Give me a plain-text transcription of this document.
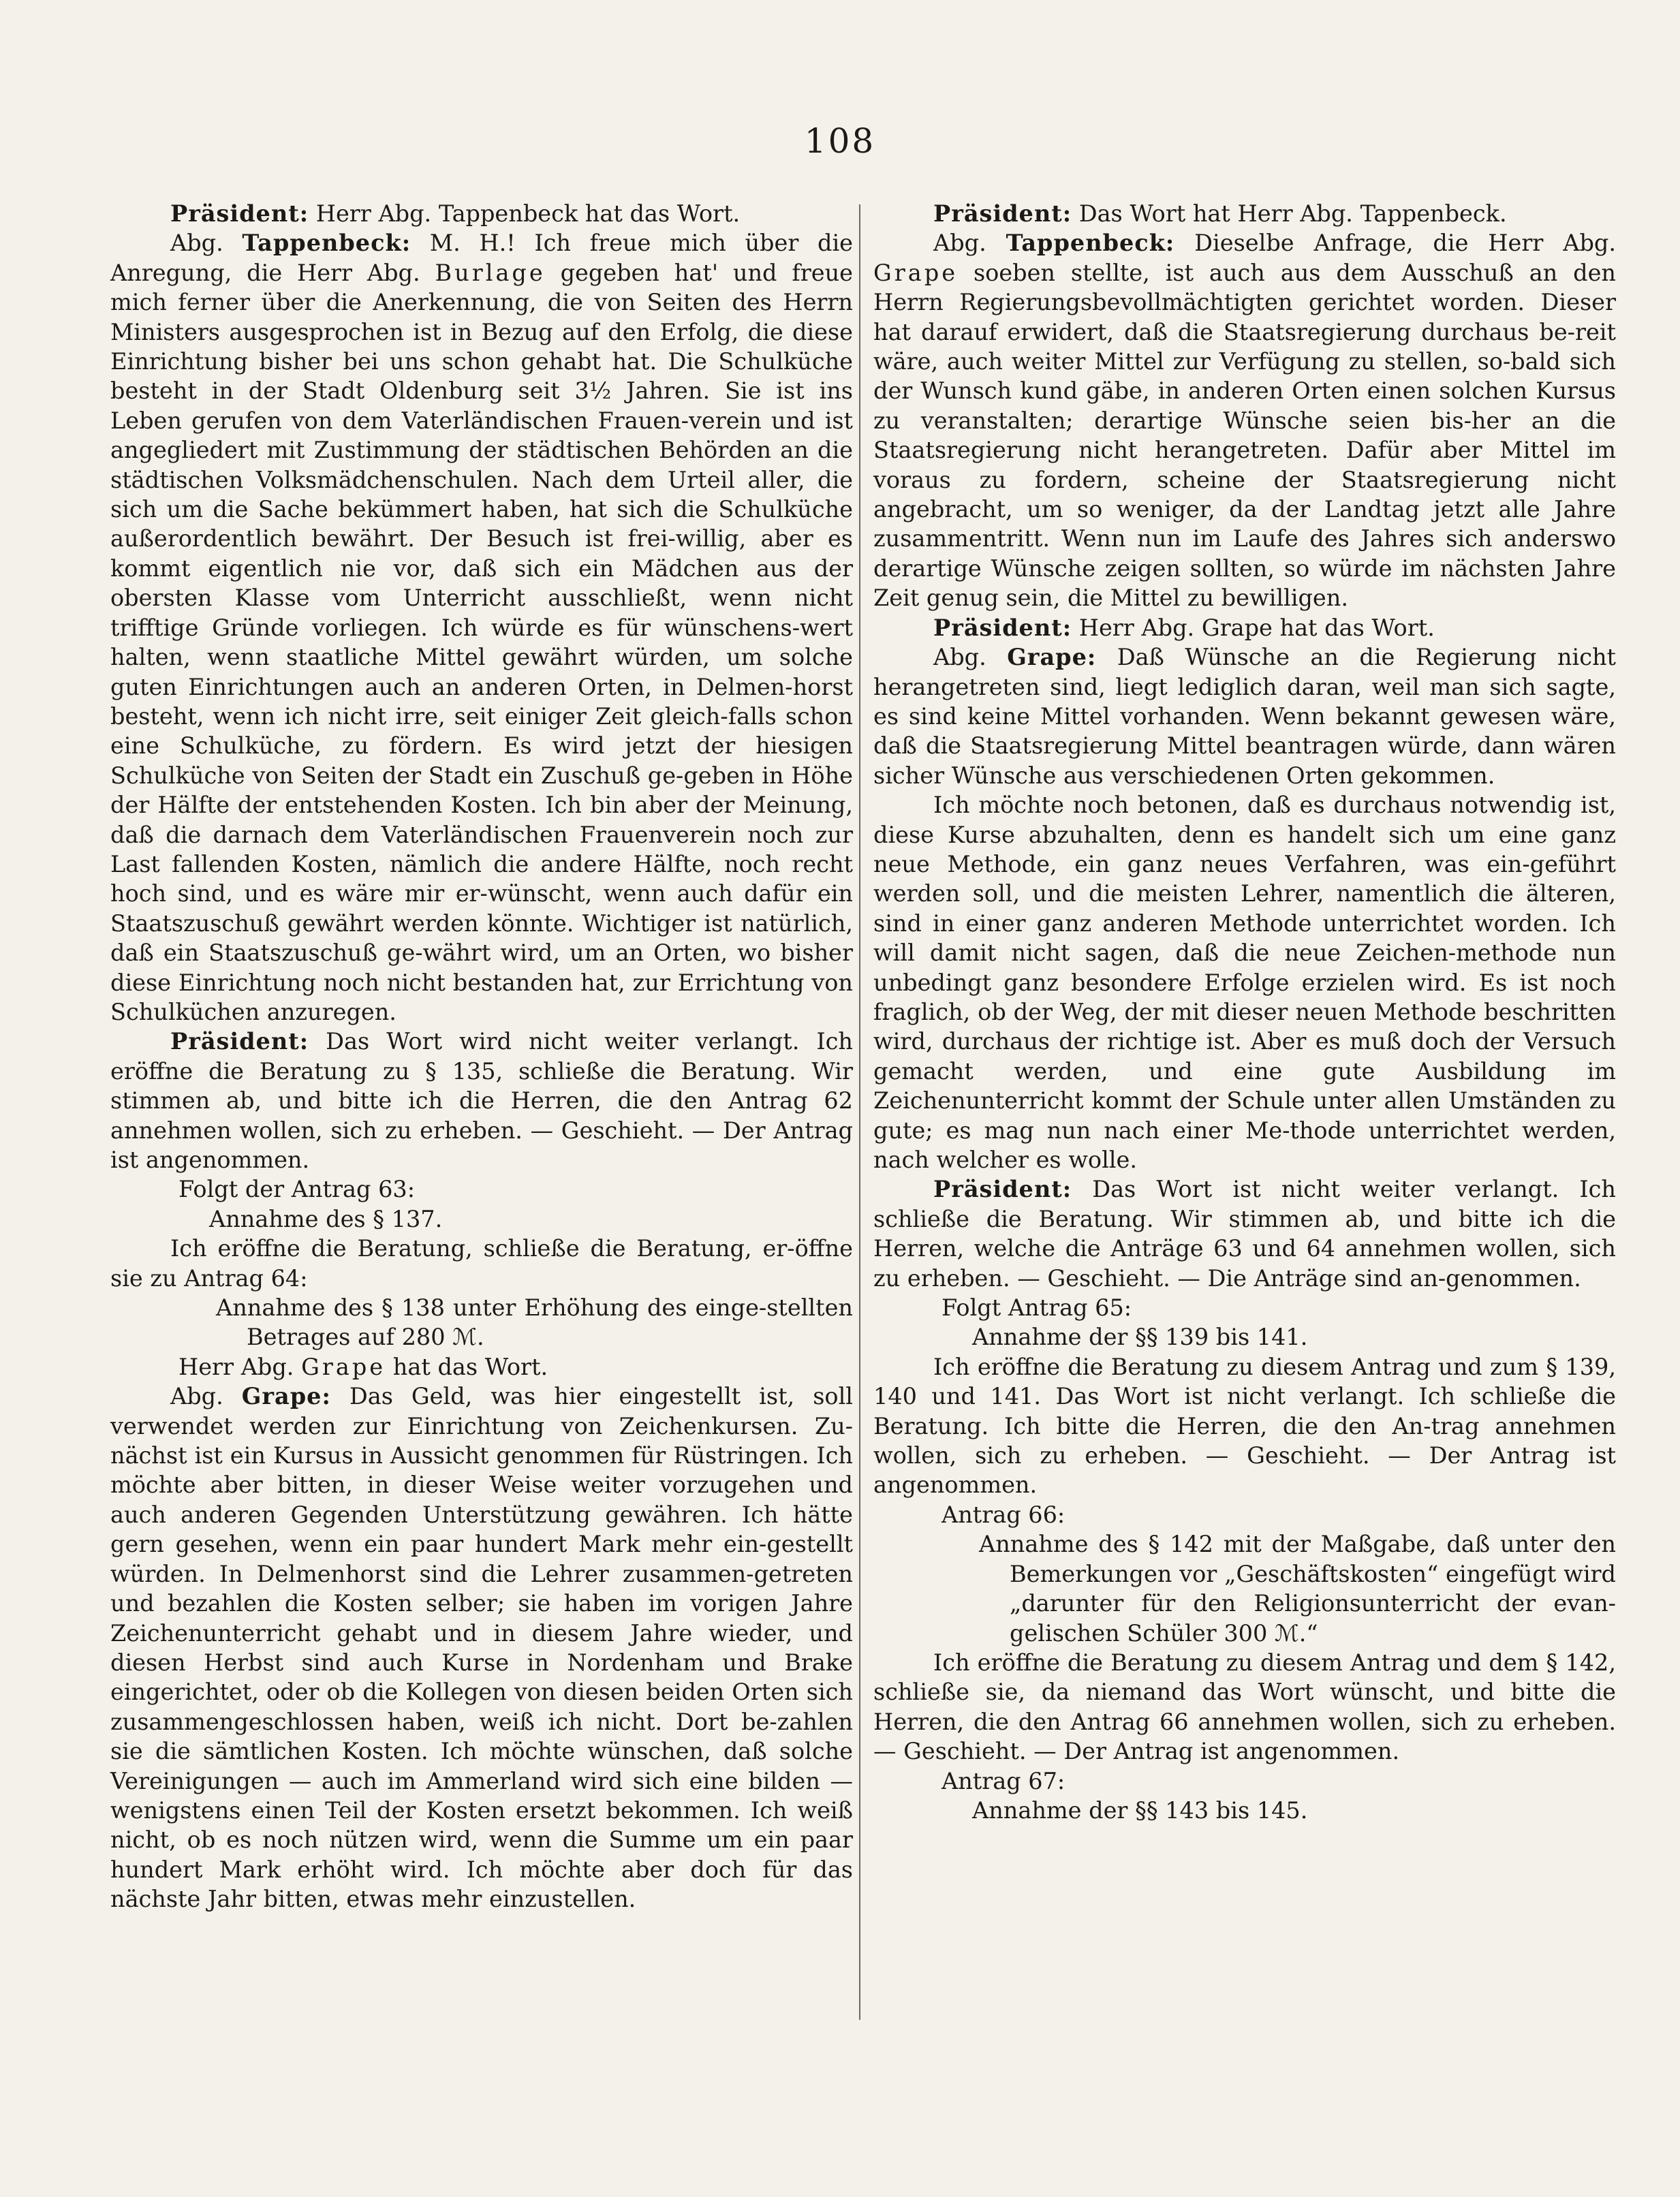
108

Präsident: Herr Abg. Tappenbeck hat das Wort.

Abg. Tappenbeck: M. H.! Ich freue mich über die Anregung, die Herr Abg. Burlage gegeben hat' und freue mich ferner über die Anerkennung, die von Seiten des Herrn Ministers ausgesprochen ist in Bezug auf den Erfolg, die diese Einrichtung bisher bei uns schon gehabt hat. Die Schulküche besteht in der Stadt Oldenburg seit 3½ Jahren. Sie ist ins Leben gerufen von dem Vaterländischen Frauen-verein und ist angegliedert mit Zustimmung der städtischen Behörden an die städtischen Volksmädchenschulen. Nach dem Urteil aller, die sich um die Sache bekümmert haben, hat sich die Schulküche außerordentlich bewährt. Der Besuch ist frei-willig, aber es kommt eigentlich nie vor, daß sich ein Mädchen aus der obersten Klasse vom Unterricht ausschließt, wenn nicht trifftige Gründe vorliegen. Ich würde es für wünschens-wert halten, wenn staatliche Mittel gewährt würden, um solche guten Einrichtungen auch an anderen Orten, in Delmen-horst besteht, wenn ich nicht irre, seit einiger Zeit gleich-falls schon eine Schulküche, zu fördern. Es wird jetzt der hiesigen Schulküche von Seiten der Stadt ein Zuschuß ge-geben in Höhe der Hälfte der entstehenden Kosten. Ich bin aber der Meinung, daß die darnach dem Vaterländischen Frauenverein noch zur Last fallenden Kosten, nämlich die andere Hälfte, noch recht hoch sind, und es wäre mir er-wünscht, wenn auch dafür ein Staatszuschuß gewährt werden könnte. Wichtiger ist natürlich, daß ein Staatszuschuß ge-währt wird, um an Orten, wo bisher diese Einrichtung noch nicht bestanden hat, zur Errichtung von Schulküchen anzuregen.

Präsident: Das Wort wird nicht weiter verlangt. Ich eröffne die Beratung zu § 135, schließe die Beratung. Wir stimmen ab, und bitte ich die Herren, die den Antrag 62 annehmen wollen, sich zu erheben. — Geschieht. — Der Antrag ist angenommen.

Folgt der Antrag 63:

Annahme des § 137.

Ich eröffne die Beratung, schließe die Beratung, er-öffne sie zu Antrag 64:

Annahme des § 138 unter Erhöhung des einge-stellten Betrages auf 280 ℳ.

Herr Abg. Grape hat das Wort.

Abg. Grape: Das Geld, was hier eingestellt ist, soll verwendet werden zur Einrichtung von Zeichenkursen. Zu-nächst ist ein Kursus in Aussicht genommen für Rüstringen. Ich möchte aber bitten, in dieser Weise weiter vorzugehen und auch anderen Gegenden Unterstützung gewähren. Ich hätte gern gesehen, wenn ein paar hundert Mark mehr ein-gestellt würden. In Delmenhorst sind die Lehrer zusammen-getreten und bezahlen die Kosten selber; sie haben im vorigen Jahre Zeichenunterricht gehabt und in diesem Jahre wieder, und diesen Herbst sind auch Kurse in Nordenham und Brake eingerichtet, oder ob die Kollegen von diesen beiden Orten sich zusammengeschlossen haben, weiß ich nicht. Dort be-zahlen sie die sämtlichen Kosten. Ich möchte wünschen, daß solche Vereinigungen — auch im Ammerland wird sich eine bilden — wenigstens einen Teil der Kosten ersetzt bekommen. Ich weiß nicht, ob es noch nützen wird, wenn die Summe um ein paar hundert Mark erhöht wird. Ich möchte aber doch für das nächste Jahr bitten, etwas mehr einzustellen.

Präsident: Das Wort hat Herr Abg. Tappenbeck.

Abg. Tappenbeck: Dieselbe Anfrage, die Herr Abg. Grape soeben stellte, ist auch aus dem Ausschuß an den Herrn Regierungsbevollmächtigten gerichtet worden. Dieser hat darauf erwidert, daß die Staatsregierung durchaus be-reit wäre, auch weiter Mittel zur Verfügung zu stellen, so-bald sich der Wunsch kund gäbe, in anderen Orten einen solchen Kursus zu veranstalten; derartige Wünsche seien bis-her an die Staatsregierung nicht herangetreten. Dafür aber Mittel im voraus zu fordern, scheine der Staatsregierung nicht angebracht, um so weniger, da der Landtag jetzt alle Jahre zusammentritt. Wenn nun im Laufe des Jahres sich anderswo derartige Wünsche zeigen sollten, so würde im nächsten Jahre Zeit genug sein, die Mittel zu bewilligen.

Präsident: Herr Abg. Grape hat das Wort.

Abg. Grape: Daß Wünsche an die Regierung nicht herangetreten sind, liegt lediglich daran, weil man sich sagte, es sind keine Mittel vorhanden. Wenn bekannt gewesen wäre, daß die Staatsregierung Mittel beantragen würde, dann wären sicher Wünsche aus verschiedenen Orten gekommen.

Ich möchte noch betonen, daß es durchaus notwendig ist, diese Kurse abzuhalten, denn es handelt sich um eine ganz neue Methode, ein ganz neues Verfahren, was ein-geführt werden soll, und die meisten Lehrer, namentlich die älteren, sind in einer ganz anderen Methode unterrichtet worden. Ich will damit nicht sagen, daß die neue Zeichen-methode nun unbedingt ganz besondere Erfolge erzielen wird. Es ist noch fraglich, ob der Weg, der mit dieser neuen Methode beschritten wird, durchaus der richtige ist. Aber es muß doch der Versuch gemacht werden, und eine gute Ausbildung im Zeichenunterricht kommt der Schule unter allen Umständen zu gute; es mag nun nach einer Me-thode unterrichtet werden, nach welcher es wolle.

Präsident: Das Wort ist nicht weiter verlangt. Ich schließe die Beratung. Wir stimmen ab, und bitte ich die Herren, welche die Anträge 63 und 64 annehmen wollen, sich zu erheben. — Geschieht. — Die Anträge sind an-genommen.

Folgt Antrag 65:

Annahme der §§ 139 bis 141.

Ich eröffne die Beratung zu diesem Antrag und zum § 139, 140 und 141. Das Wort ist nicht verlangt. Ich schließe die Beratung. Ich bitte die Herren, die den An-trag annehmen wollen, sich zu erheben. — Geschieht. — Der Antrag ist angenommen.

Antrag 66:

Annahme des § 142 mit der Maßgabe, daß unter den Bemerkungen vor „Geschäftskosten“ eingefügt wird „darunter für den Religionsunterricht der evan-gelischen Schüler 300 ℳ.“

Ich eröffne die Beratung zu diesem Antrag und dem § 142, schließe sie, da niemand das Wort wünscht, und bitte die Herren, die den Antrag 66 annehmen wollen, sich zu erheben. — Geschieht. — Der Antrag ist angenommen.

Antrag 67:

Annahme der §§ 143 bis 145.
